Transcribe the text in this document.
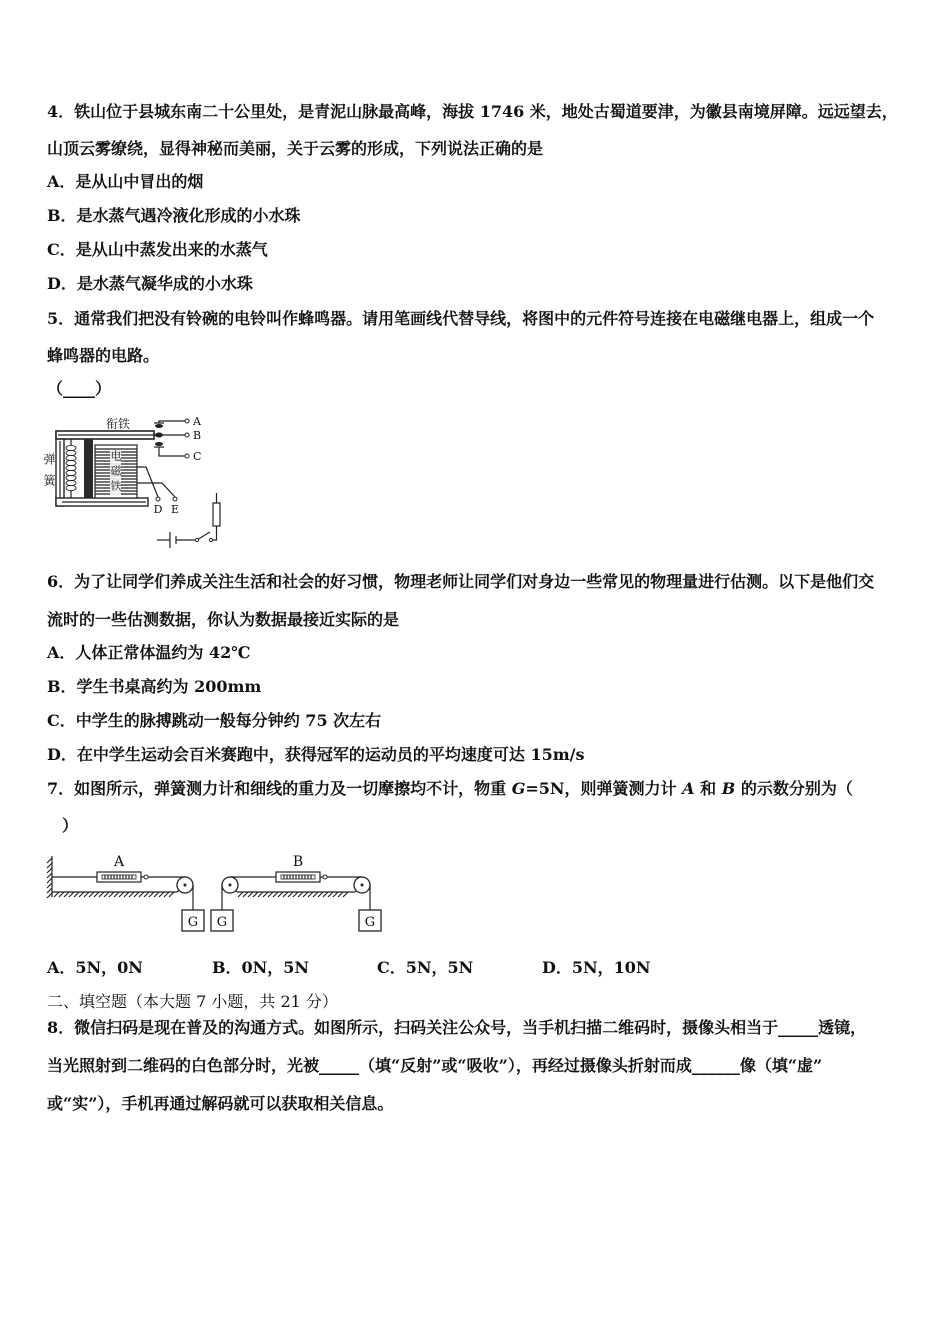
4．铁山位于县城东南二十公里处，是青泥山脉最高峰，海拔 1746 米，地处古蜀道要津，为徽县南境屏障。远远望去，
山顶云雾缭绕，显得神秘而美丽，关于云雾的形成，下列说法正确的是
A．是从山中冒出的烟
B．是水蒸气遇冷液化形成的小水珠
C．是从山中蒸发出来的水蒸气
D．是水蒸气凝华成的小水珠
5．通常我们把没有铃碗的电铃叫作蜂鸣器。请用笔画线代替导线，将图中的元件符号连接在电磁继电器上，组成一个
蜂鸣器的电路。
（____）
衔铁	A
B
C
D E
弹簧	电磁铁
6．为了让同学们养成关注生活和社会的好习惯，物理老师让同学们对身边一些常见的物理量进行估测。以下是他们交
流时的一些估测数据，你认为数据最接近实际的是
A．人体正常体温约为 42℃
B．学生书桌高约为 200mm
C．中学生的脉搏跳动一般每分钟约 75 次左右
D．在中学生运动会百米赛跑中，获得冠军的运动员的平均速度可达 15m/s
7．如图所示，弹簧测力计和细线的重力及一切摩擦均不计，物重 G=5N，则弹簧测力计 A 和 B 的示数分别为（
）
A
G
B
G	G
A．5N，0N	B．0N，5N	C．5N，5N	D．5N，10N
二、填空题（本大题 7 小题，共 21 分）
8．微信扫码是现在普及的沟通方式。如图所示，扫码关注公众号，当手机扫描二维码时，摄像头相当于_____透镜，
当光照射到二维码的白色部分时，光被_____（填“反射”或“吸收”），再经过摄像头折射而成______像（填“虚”
或“实”），手机再通过解码就可以获取相关信息。
